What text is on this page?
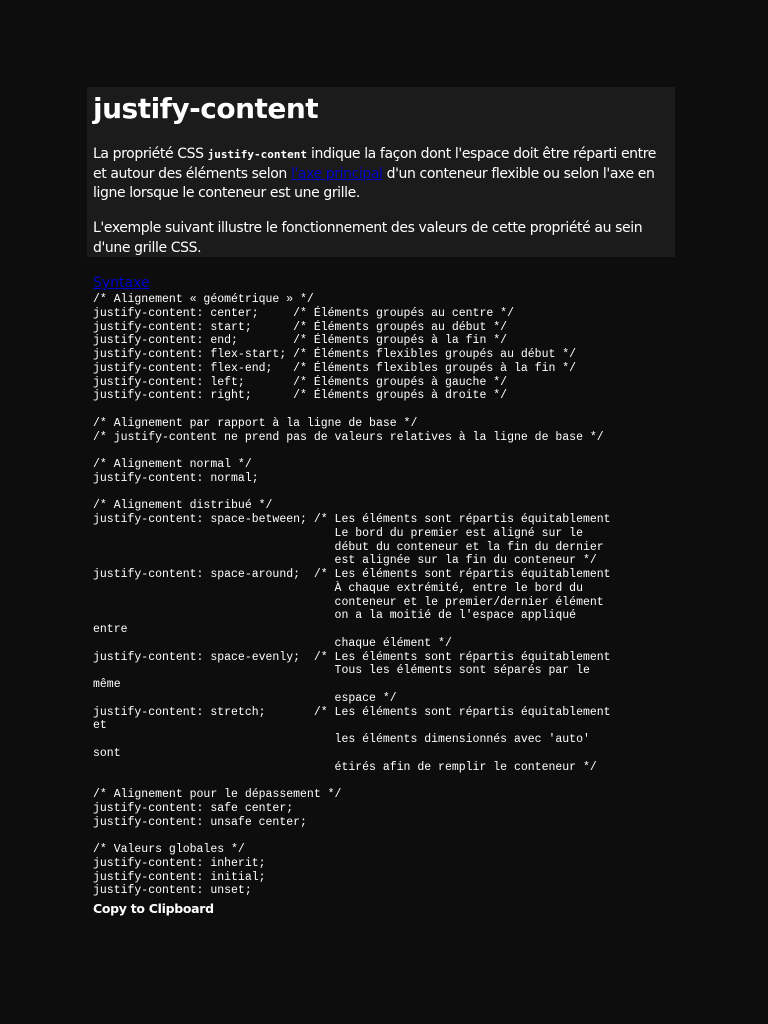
justify-content

La propriété CSS justify-content indique la façon dont l'espace doit être réparti entre et autour des éléments selon l'axe principal d'un conteneur flexible ou selon l'axe en ligne lorsque le conteneur est une grille.

L'exemple suivant illustre le fonctionnement des valeurs de cette propriété au sein d'une grille CSS.

Syntaxe
/* Alignement « géométrique » */
justify-content: center;     /* Éléments groupés au centre */
justify-content: start;      /* Éléments groupés au début */
justify-content: end;        /* Éléments groupés à la fin */
justify-content: flex-start; /* Éléments flexibles groupés au début */
justify-content: flex-end;   /* Éléments flexibles groupés à la fin */
justify-content: left;       /* Éléments groupés à gauche */
justify-content: right;      /* Éléments groupés à droite */

/* Alignement par rapport à la ligne de base */
/* justify-content ne prend pas de valeurs relatives à la ligne de base */

/* Alignement normal */
justify-content: normal;

/* Alignement distribué */
justify-content: space-between; /* Les éléments sont répartis équitablement
Le bord du premier est aligné sur le
début du conteneur et la fin du dernier
est alignée sur la fin du conteneur */
justify-content: space-around;  /* Les éléments sont répartis équitablement
À chaque extrémité, entre le bord du
conteneur et le premier/dernier élément
on a la moitié de l'espace appliqué
entre
chaque élément */
justify-content: space-evenly;  /* Les éléments sont répartis équitablement
Tous les éléments sont séparés par le
même
espace */
justify-content: stretch;       /* Les éléments sont répartis équitablement
et
les éléments dimensionnés avec 'auto'
sont
étirés afin de remplir le conteneur */

/* Alignement pour le dépassement */
justify-content: safe center;
justify-content: unsafe center;

/* Valeurs globales */
justify-content: inherit;
justify-content: initial;
justify-content: unset;
Copy to Clipboard
